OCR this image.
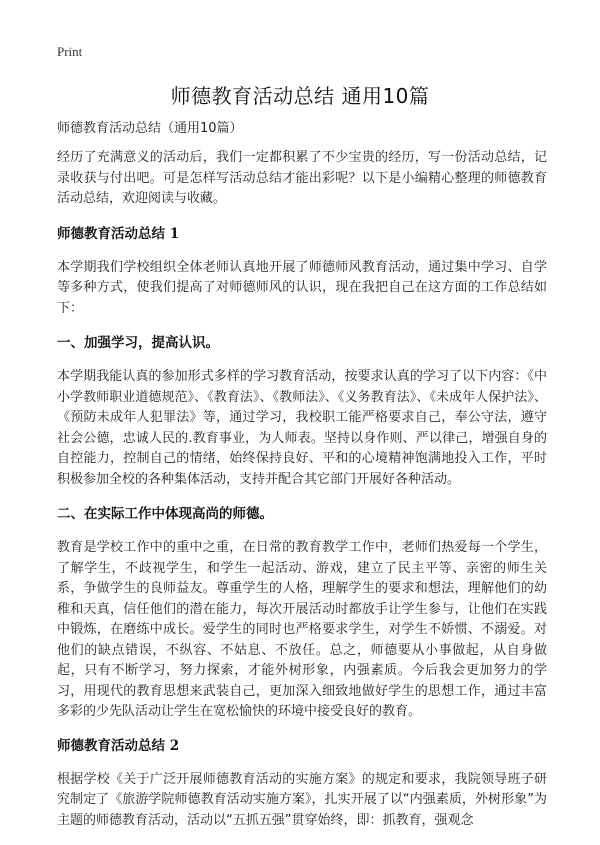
Print
师德教育活动总结 通用10篇

师德教育活动总结（通用10篇）

经历了充满意义的活动后，我们一定都积累了不少宝贵的经历，写一份活动总结，记录收获与付出吧。可是怎样写活动总结才能出彩呢？以下是小编精心整理的师德教育活动总结，欢迎阅读与收藏。

师德教育活动总结 1

本学期我们学校组织全体老师认真地开展了师德师风教育活动，通过集中学习、自学等多种方式，使我们提高了对师德师风的认识，现在我把自己在这方面的工作总结如下：

一、加强学习，提高认识。

本学期我能认真的参加形式多样的学习教育活动，按要求认真的学习了以下内容：《中小学教师职业道德规范》、《教育法》、《教师法》、《义务教育法》、《未成年人保护法》、《预防未成年人犯罪法》等，通过学习，我校职工能严格要求自己，奉公守法，遵守社会公德，忠诚人民的.教育事业，为人师表。坚持以身作则、严以律己，增强自身的自控能力，控制自己的情绪，始终保持良好、平和的心境精神饱满地投入工作，平时积极参加全校的各种集体活动，支持并配合其它部门开展好各种活动。

二、在实际工作中体现高尚的师德。

教育是学校工作中的重中之重，在日常的教育教学工作中，老师们热爱每一个学生，了解学生，不歧视学生，和学生一起活动、游戏，建立了民主平等、亲密的师生关系，争做学生的良师益友。尊重学生的人格，理解学生的要求和想法，理解他们的幼稚和天真，信任他们的潜在能力，每次开展活动时都放手让学生参与，让他们在实践中锻炼，在磨练中成长。爱学生的同时也严格要求学生，对学生不娇惯、不溺爱。对他们的缺点错误，不纵容、不姑息、不放任。总之，师德要从小事做起，从自身做起，只有不断学习，努力探索，才能外树形象，内强素质。今后我会更加努力的学习，用现代的教育思想来武装自己，更加深入细致地做好学生的思想工作，通过丰富多彩的少先队活动让学生在宽松愉快的环境中接受良好的教育。

师德教育活动总结 2

根据学校《关于广泛开展师德教育活动的实施方案》的规定和要求，我院领导班子研究制定了《旅游学院师德教育活动实施方案》，扎实开展了以“内强素质，外树形象”为主题的师德教育活动，活动以“五抓五强”贯穿始终，即：抓教育，强观念
